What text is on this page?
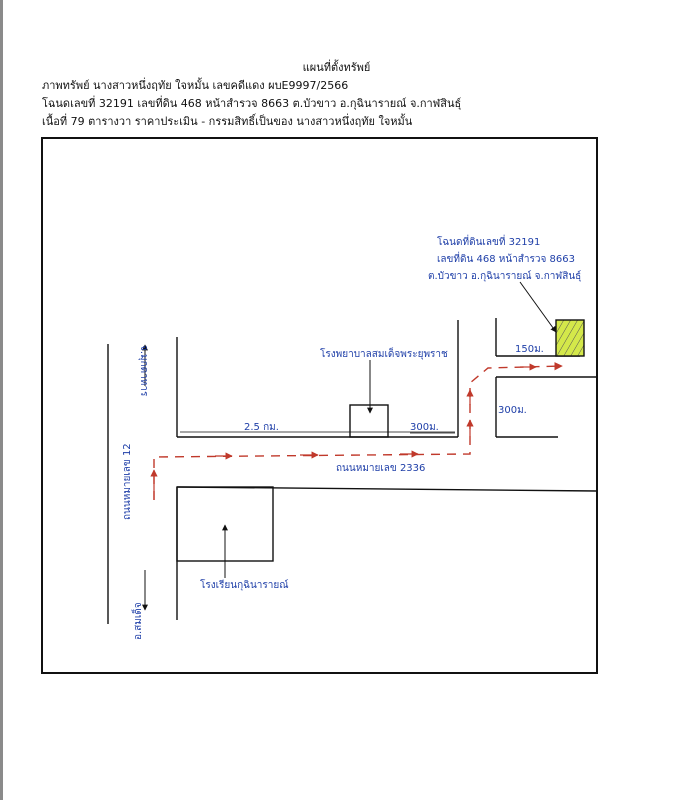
แผนที่ตั้งทรัพย์
ภาพทรัพย์ นางสาวหนึ่งฤทัย ใจหมั้น เลขคดีแดง ผบE9997/2566
โฉนดเลขที่ 32191 เลขที่ดิน 468 หน้าสำรวจ 8663 ต.บัวขาว อ.กุฉินารายณ์ จ.กาฬสินธุ์
เนื้อที่ 79 ตารางวา ราคาประเมิน - กรรมสิทธิ์เป็นของ นางสาวหนึ่งฤทัย ใจหมั้น
โฉนดที่ดินเลขที่ 32191
เลขที่ดิน 468 หน้าสำรวจ 8663
ต.บัวขาว อ.กุฉินารายณ์ จ.กาฬสินธุ์
โรงพยาบาลสมเด็จพระยุพราช
โรงเรียนกุฉินารายณ์
ถนนหมายเลข 2336
ถนนหมายเลข 12
จ.มุกดาหาร
อ.สมเด็จ
2.5 กม.	300ม.
300ม.
150ม.
